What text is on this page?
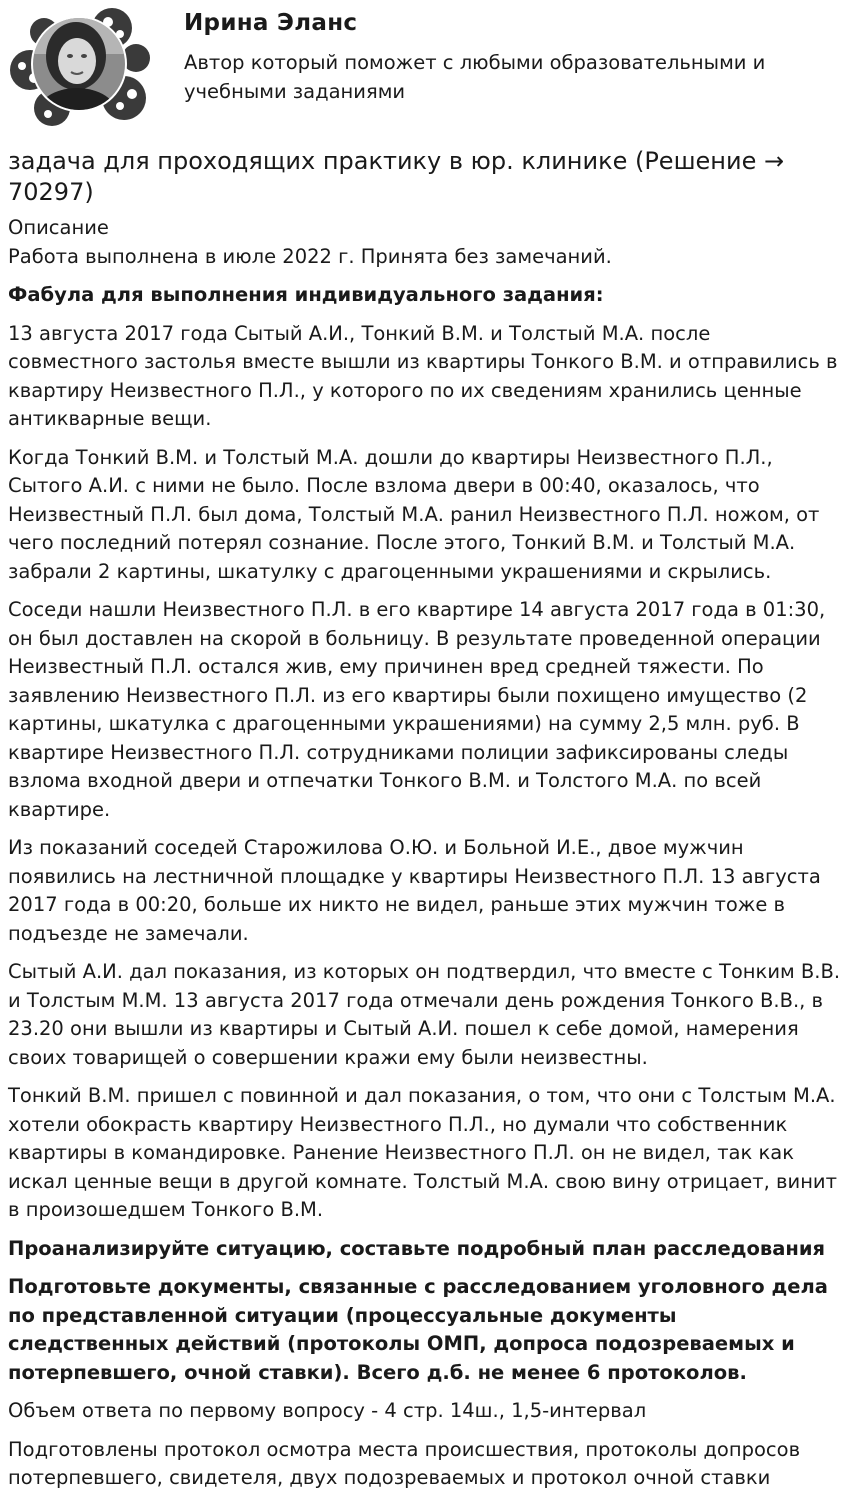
Ирина Эланс

Автор который поможет с любыми образовательными и учебными заданиями

задача для проходящих практику в юр. клинике (Решение → 70297)
Описание
Работа выполнена в июле 2022 г. Принята без замечаний.

Фабула для выполнения индивидуального задания:

13 августа 2017 года Сытый А.И., Тонкий В.М. и Толстый М.А. после совместного застолья вместе вышли из квартиры Тонкого В.М. и отправились в квартиру Неизвестного П.Л., у которого по их сведениям хранились ценные антикварные вещи.

Когда Тонкий В.М. и Толстый М.А. дошли до квартиры Неизвестного П.Л., Сытого А.И. с ними не было. После взлома двери в 00:40, оказалось, что Неизвестный П.Л. был дома, Толстый М.А. ранил Неизвестного П.Л. ножом, от чего последний потерял сознание. После этого, Тонкий В.М. и Толстый М.А. забрали 2 картины, шкатулку с драгоценными украшениями и скрылись.

Соседи нашли Неизвестного П.Л. в его квартире 14 августа 2017 года в 01:30, он был доставлен на скорой в больницу. В результате проведенной операции Неизвестный П.Л. остался жив, ему причинен вред средней тяжести. По заявлению Неизвестного П.Л. из его квартиры были похищено имущество (2 картины, шкатулка с драгоценными украшениями) на сумму 2,5 млн. руб. В квартире Неизвестного П.Л. сотрудниками полиции зафиксированы следы взлома входной двери и отпечатки Тонкого В.М. и Толстого М.А. по всей квартире.

Из показаний соседей Старожилова О.Ю. и Больной И.Е., двое мужчин появились на лестничной площадке у квартиры Неизвестного П.Л. 13 августа 2017 года в 00:20, больше их никто не видел, раньше этих мужчин тоже в подъезде не замечали.

Сытый А.И. дал показания, из которых он подтвердил, что вместе с Тонким В.В. и Толстым М.М. 13 августа 2017 года отмечали день рождения Тонкого В.В., в 23.20 они вышли из квартиры и Сытый А.И. пошел к себе домой, намерения своих товарищей о совершении кражи ему были неизвестны.

Тонкий В.М. пришел с повинной и дал показания, о том, что они с Толстым М.А. хотели обокрасть квартиру Неизвестного П.Л., но думали что собственник квартиры в командировке. Ранение Неизвестного П.Л. он не видел, так как искал ценные вещи в другой комнате. Толстый М.А. свою вину отрицает, винит в произошедшем Тонкого В.М.

Проанализируйте ситуацию, составьте подробный план расследования

Подготовьте документы, связанные с расследованием уголовного дела по представленной ситуации (процессуальные документы следственных действий (протоколы ОМП, допроса подозреваемых и потерпевшего, очной ставки). Всего д.б. не менее 6 протоколов.

Объем ответа по первому вопросу - 4 стр. 14ш., 1,5-интервал

Подготовлены протокол осмотра места происшествия, протоколы допросов потерпевшего, свидетеля, двух подозреваемых и протокол очной ставки
